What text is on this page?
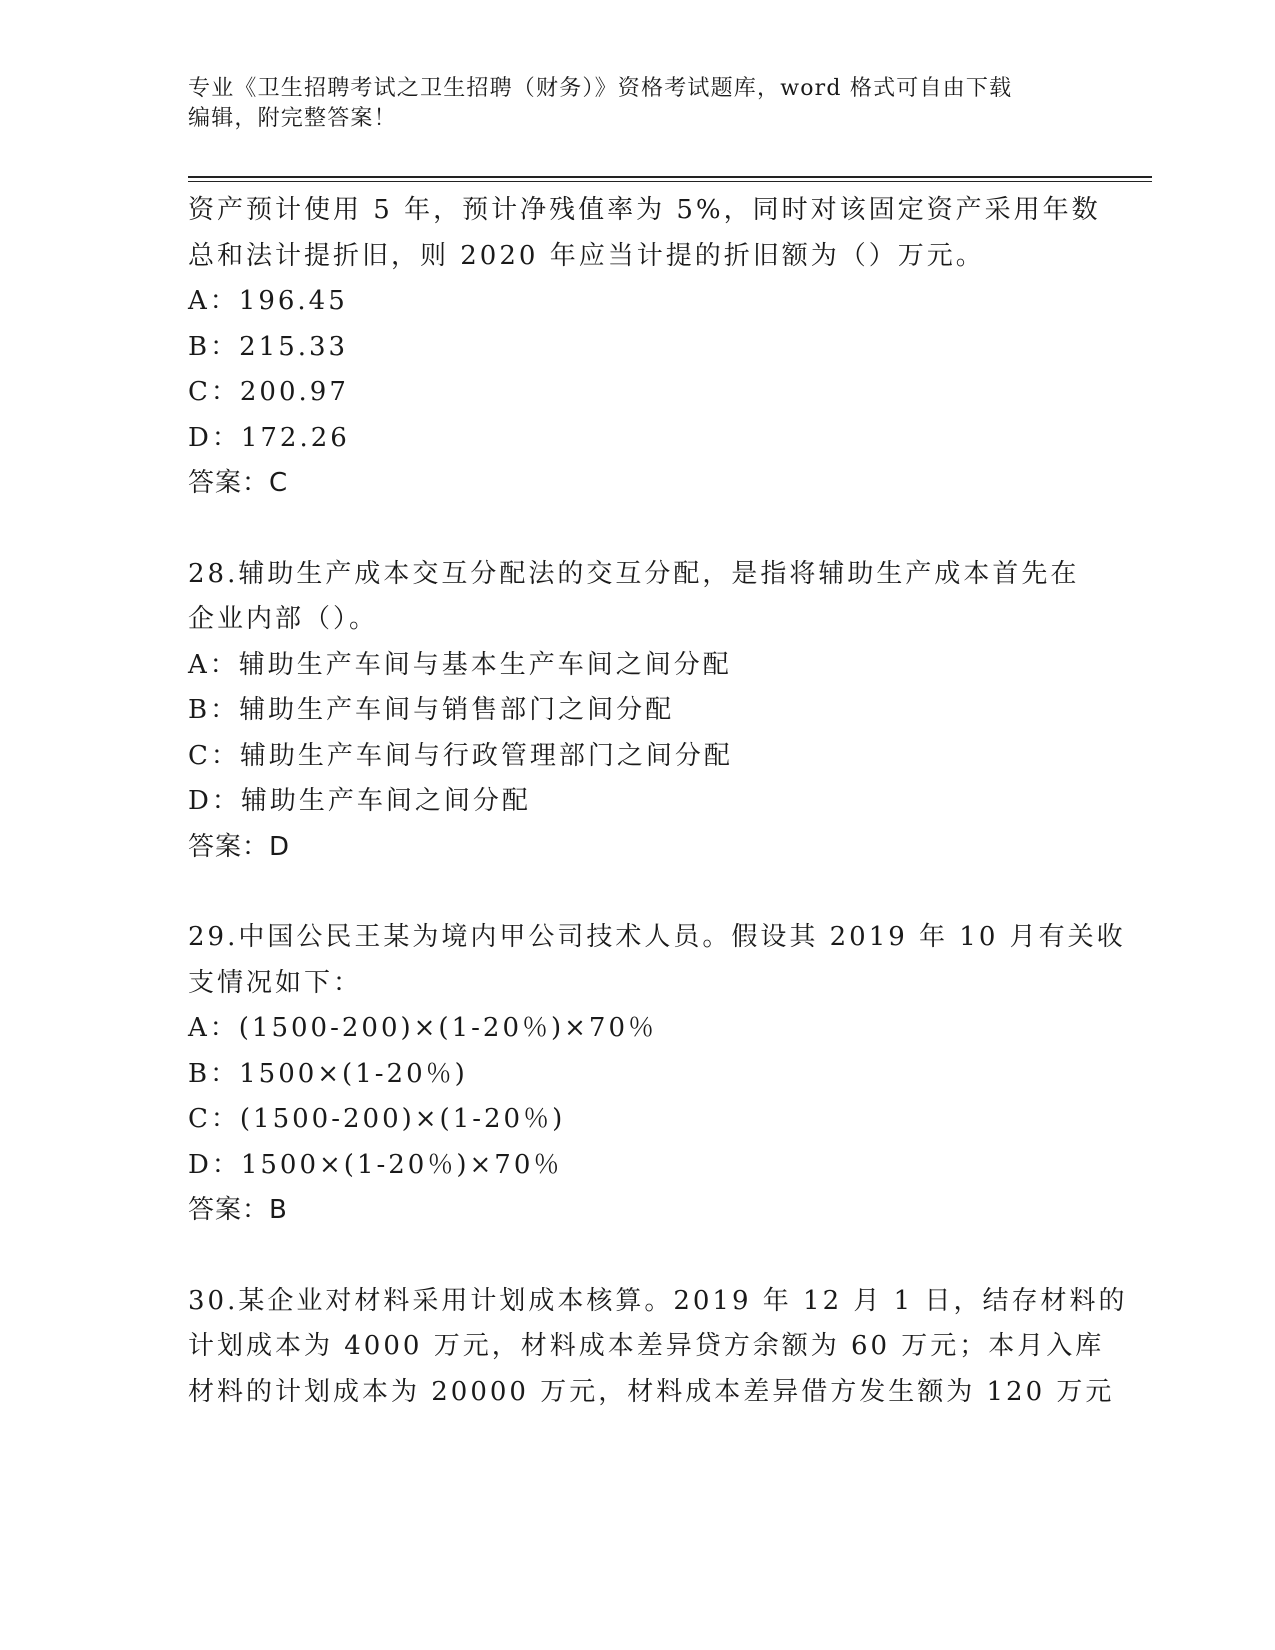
专业《卫生招聘考试之卫生招聘（财务）》资格考试题库，word 格式可自由下载
编辑，附完整答案！
资产预计使用 5 年，预计净残值率为 5%，同时对该固定资产采用年数
总和法计提折旧，则 2020 年应当计提的折旧额为（）万元。
A：196.45
B：215.33
C：200.97
D：172.26
答案：C
28.辅助生产成本交互分配法的交互分配，是指将辅助生产成本首先在
企业内部（）。
A：辅助生产车间与基本生产车间之间分配
B：辅助生产车间与销售部门之间分配
C：辅助生产车间与行政管理部门之间分配
D：辅助生产车间之间分配
答案：D
29.中国公民王某为境内甲公司技术人员。假设其 2019 年 10 月有关收
支情况如下：
A：(1500-200)×(1-20％)×70％
B：1500×(1-20％)
C：(1500-200)×(1-20％)
D：1500×(1-20％)×70％
答案：B
30.某企业对材料采用计划成本核算。2019 年 12 月 1 日，结存材料的
计划成本为 4000 万元，材料成本差异贷方余额为 60 万元；本月入库
材料的计划成本为 20000 万元，材料成本差异借方发生额为 120 万元
